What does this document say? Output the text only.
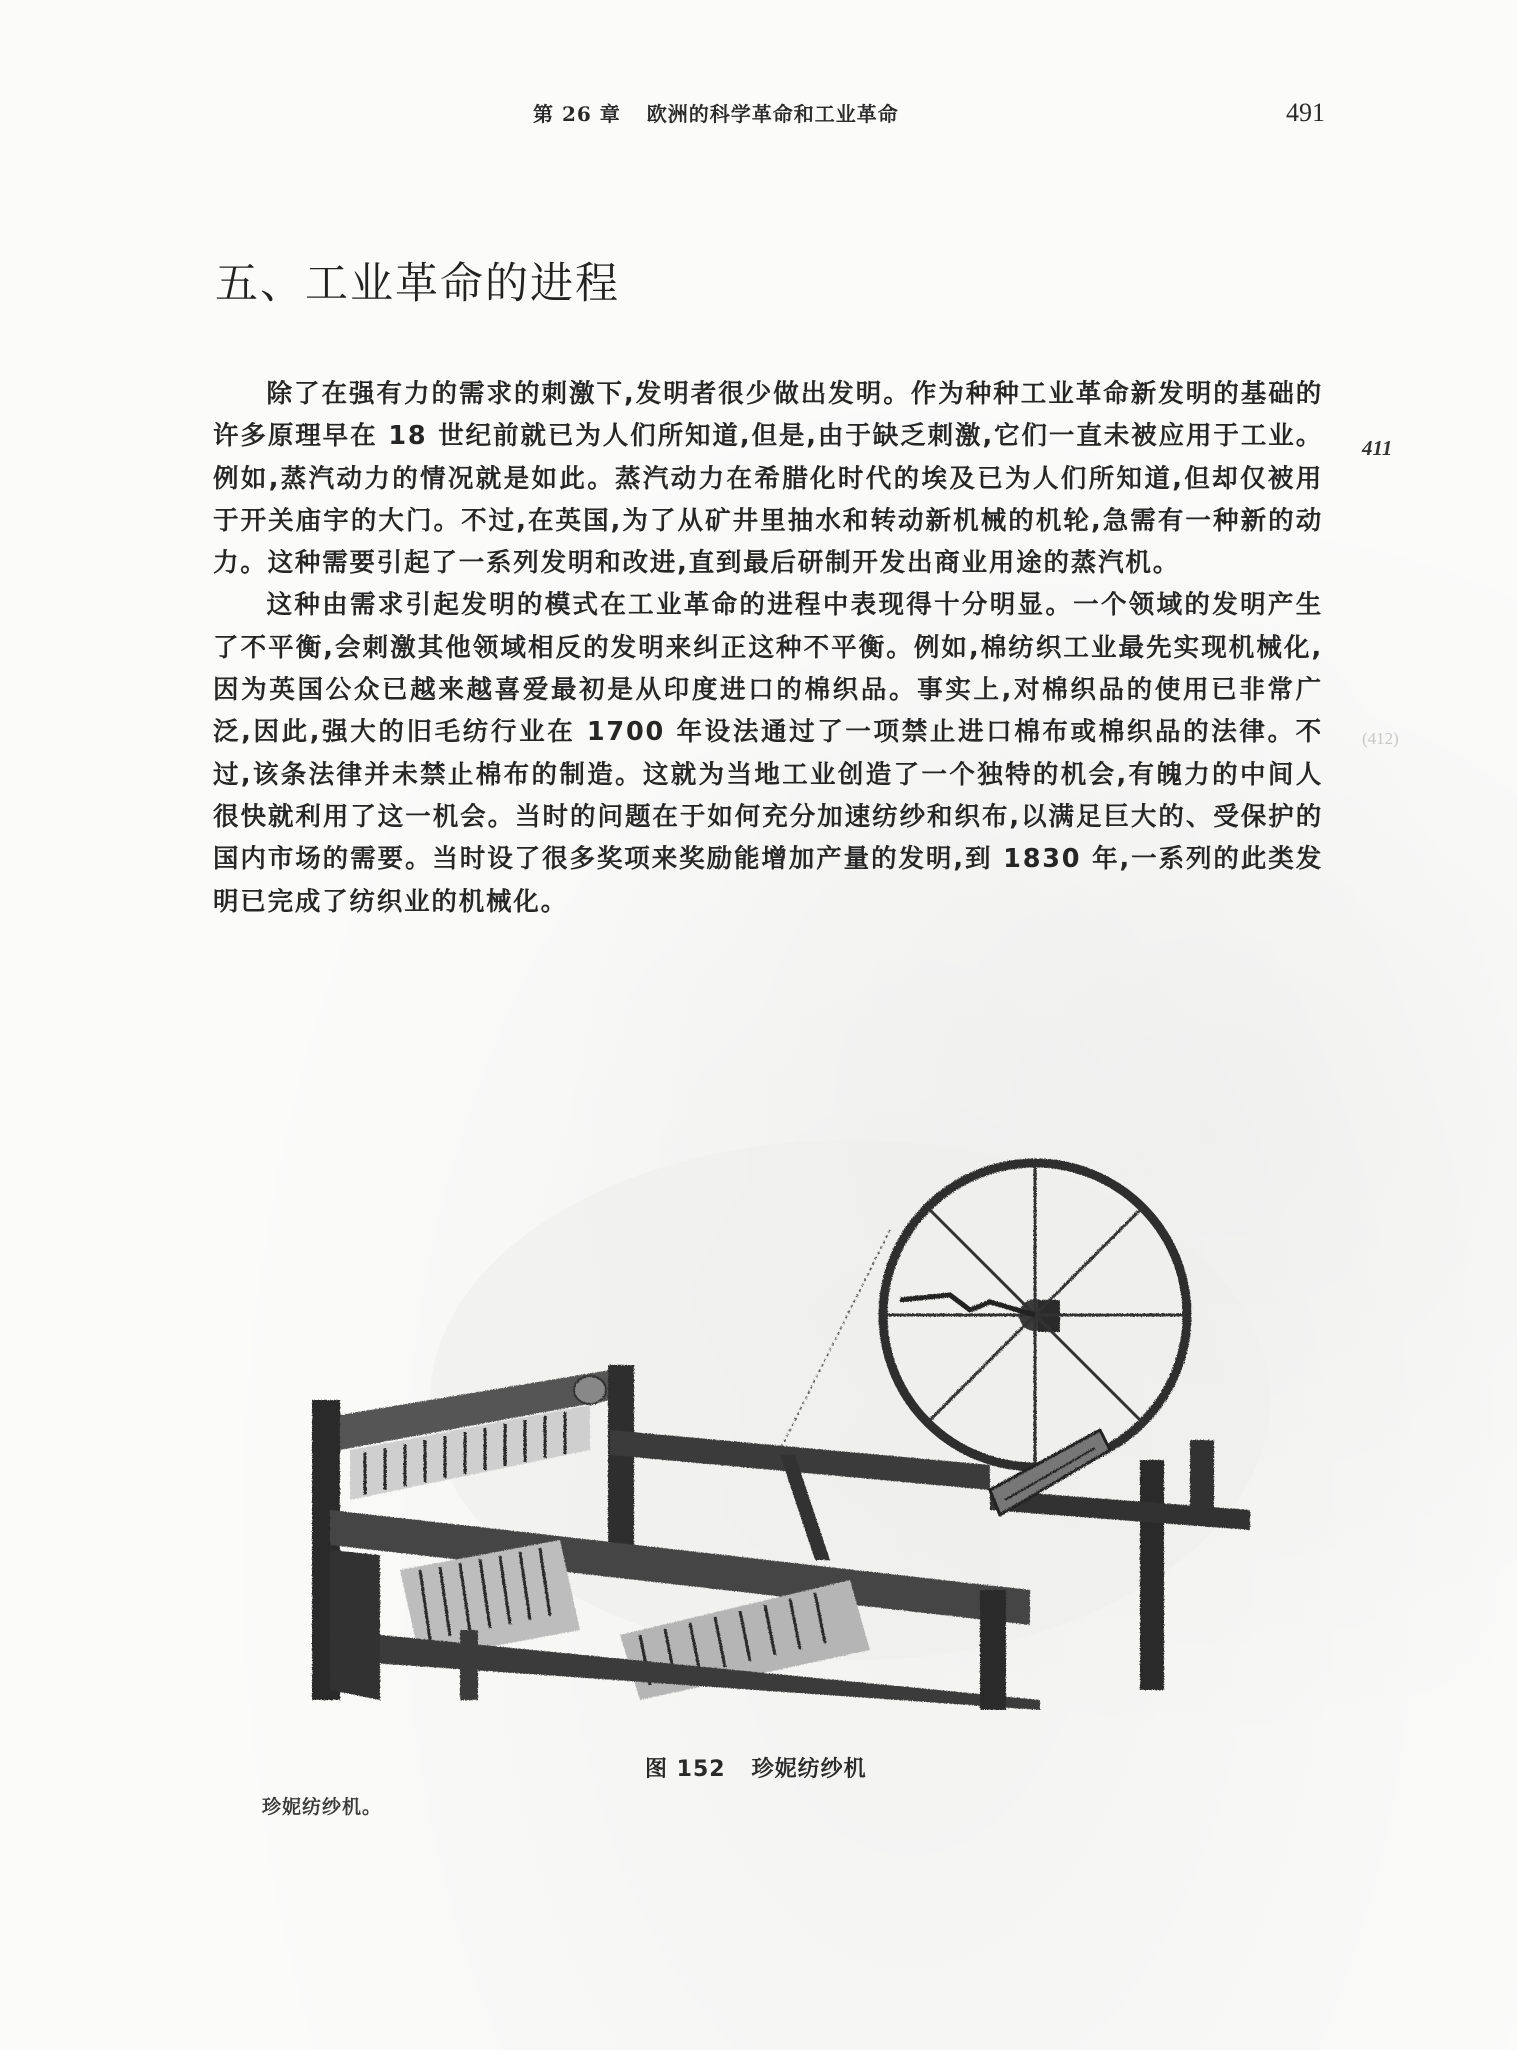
第 26 章 欧洲的科学革命和工业革命	491
五、工业革命的进程

除了在强有力的需求的刺激下,发明者很少做出发明。作为种种工业革命新发明的基础的许多原理早在 18 世纪前就已为人们所知道,但是,由于缺乏刺激,它们一直未被应用于工业。例如,蒸汽动力的情况就是如此。蒸汽动力在希腊化时代的埃及已为人们所知道,但却仅被用于开关庙宇的大门。不过,在英国,为了从矿井里抽水和转动新机械的机轮,急需有一种新的动力。这种需要引起了一系列发明和改进,直到最后研制开发出商业用途的蒸汽机。

这种由需求引起发明的模式在工业革命的进程中表现得十分明显。一个领域的发明产生了不平衡,会刺激其他领域相反的发明来纠正这种不平衡。例如,棉纺织工业最先实现机械化,因为英国公众已越来越喜爱最初是从印度进口的棉织品。事实上,对棉织品的使用已非常广泛,因此,强大的旧毛纺行业在 1700 年设法通过了一项禁止进口棉布或棉织品的法律。不过,该条法律并未禁止棉布的制造。这就为当地工业创造了一个独特的机会,有魄力的中间人很快就利用了这一机会。当时的问题在于如何充分加速纺纱和织布,以满足巨大的、受保护的国内市场的需要。当时设了很多奖项来奖励能增加产量的发明,到 1830 年,一系列的此类发明已完成了纺织业的机械化。

411
(412)
图 152 珍妮纺纱机
珍妮纺纱机。
